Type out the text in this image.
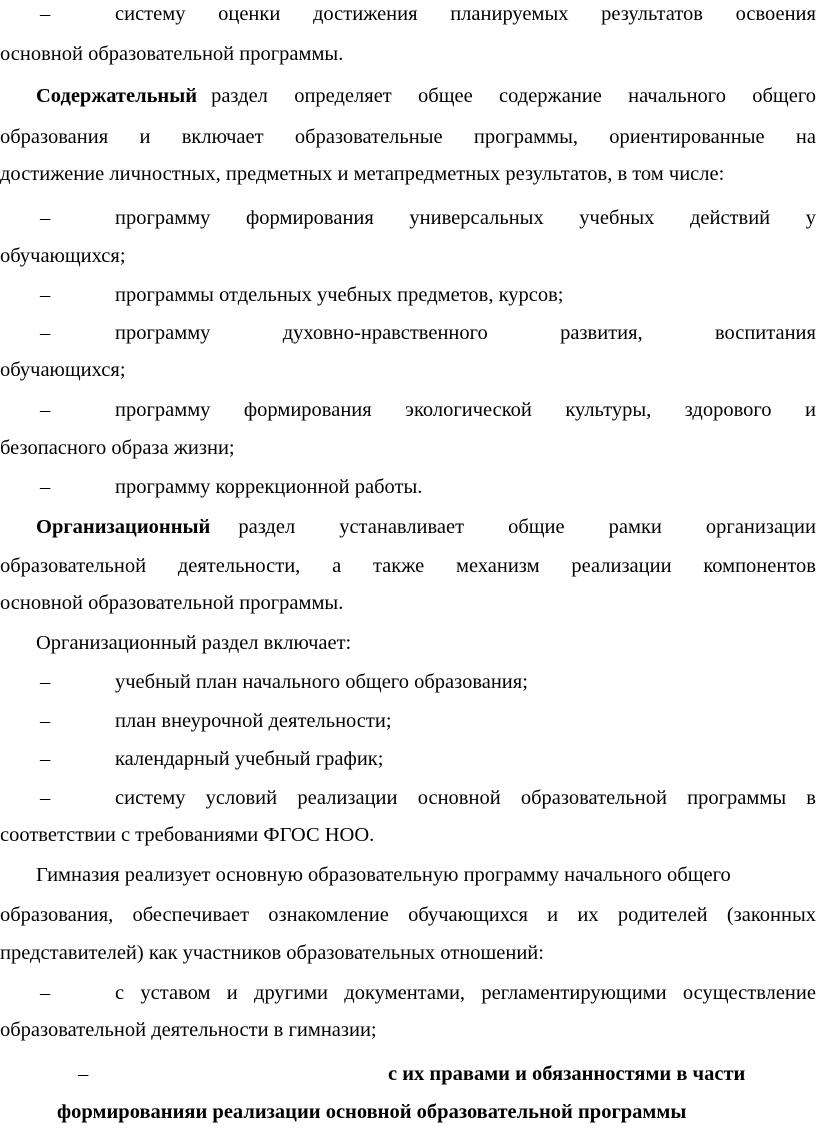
–	системy оценки достижения планируемых результатов освоения
основной образовательной программы.
Содержательный раздел определяет общее содержание начального общего
образования и включает образовательные программы, ориентированные на
достижение личностных, предметных и метапредметных результатов, в том числе:
–	программу формирования универсальных учебных действий у
обучающихся;
–	программы отдельных учебных предметов, курсов;
–	программу	духовно-нравственного	развития,	воспитания
обучающихся;
–	программу формирования экологической культуры, здорового и
безопасного образа жизни;
–	программу коррекционной работы.
Организационный раздел устанавливает общие рамки организации
образовательной деятельности, а также механизм реализации компонентов
основной образовательной программы.
Организационный раздел включает:
–	учебный план начального общего образования;
–	план внеурочной деятельности;
–	календарный учебный график;
–	систему условий реализации основной образовательной программы в
соответствии с требованиями ФГОС НОО.
Гимназия реализует основную образовательную программу начального общего
образования, обеспечивает ознакомление обучающихся и их родителей (законных
представителей) как участников образовательных отношений:
–	с уставом и другими документами, регламентирующими осуществление
образовательной деятельности в гимназии;
–	с их правами и обязанностями в части
формированияи реализации основной образовательной программы
